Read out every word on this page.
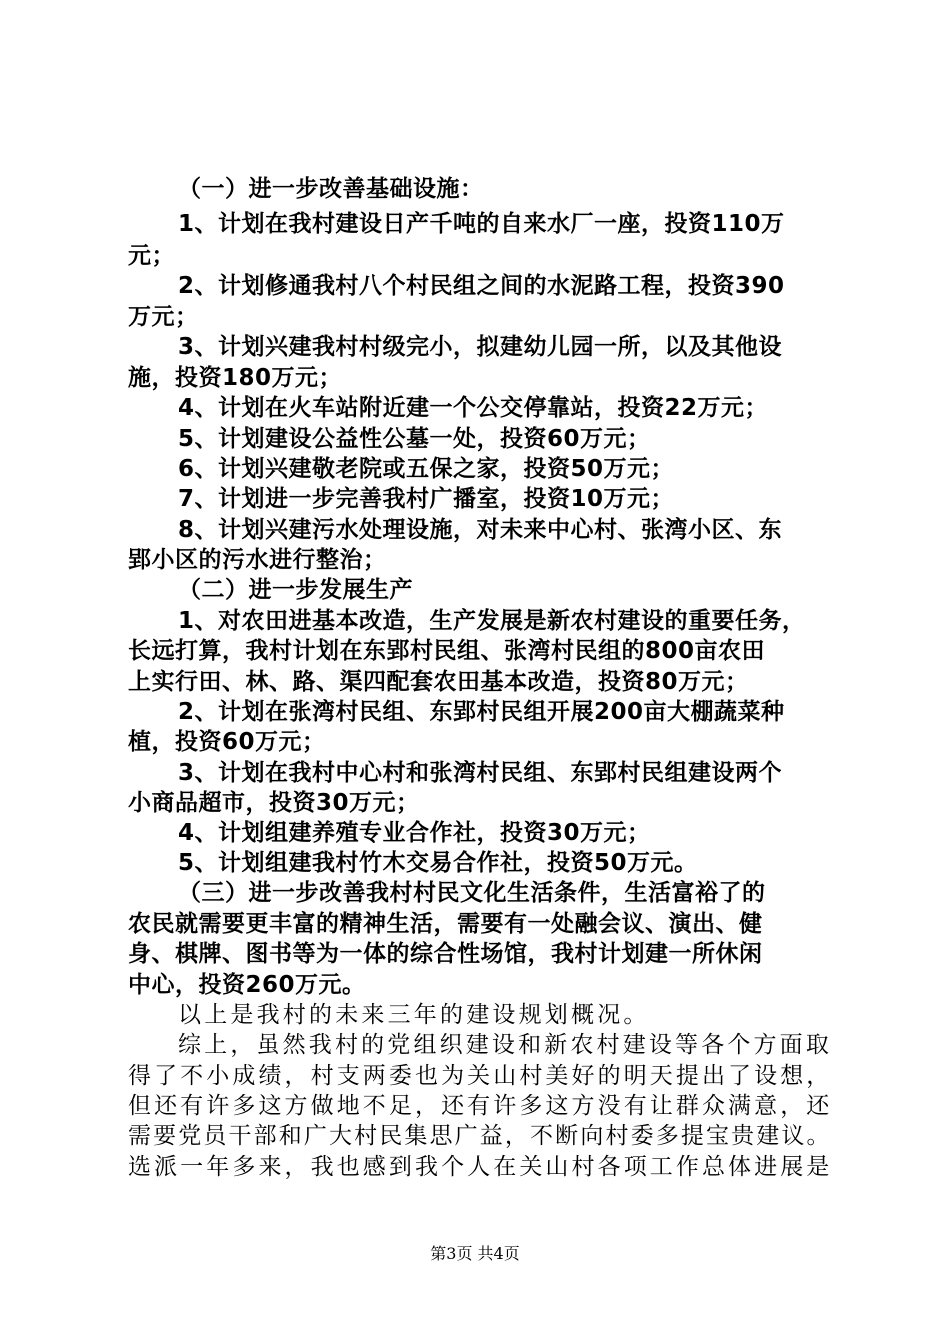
（一）进一步改善基础设施：
1、计划在我村建设日产千吨的自来水厂一座，投资110万
元；
2、计划修通我村八个村民组之间的水泥路工程，投资390
万元；
3、计划兴建我村村级完小，拟建幼儿园一所，以及其他设
施，投资180万元；
4、计划在火车站附近建一个公交停靠站，投资22万元；
5、计划建设公益性公墓一处，投资60万元；
6、计划兴建敬老院或五保之家，投资50万元；
7、计划进一步完善我村广播室，投资10万元；
8、计划兴建污水处理设施，对未来中心村、张湾小区、东
郢小区的污水进行整治；
（二）进一步发展生产
1、对农田进基本改造，生产发展是新农村建设的重要任务，
长远打算，我村计划在东郢村民组、张湾村民组的800亩农田
上实行田、林、路、渠四配套农田基本改造，投资80万元；
2、计划在张湾村民组、东郢村民组开展200亩大棚蔬菜种
植，投资60万元；
3、计划在我村中心村和张湾村民组、东郢村民组建设两个
小商品超市，投资30万元；
4、计划组建养殖专业合作社，投资30万元；
5、计划组建我村竹木交易合作社，投资50万元。
（三）进一步改善我村村民文化生活条件，生活富裕了的
农民就需要更丰富的精神生活，需要有一处融会议、演出、健
身、棋牌、图书等为一体的综合性场馆，我村计划建一所休闲
中心，投资260万元。
以上是我村的未来三年的建设规划概况。
综上，虽然我村的党组织建设和新农村建设等各个方面取
得了不小成绩，村支两委也为关山村美好的明天提出了设想，
但还有许多这方做地不足，还有许多这方没有让群众满意，还
需要党员干部和广大村民集思广益，不断向村委多提宝贵建议。
选派一年多来，我也感到我个人在关山村各项工作总体进展是
第3页 共4页
